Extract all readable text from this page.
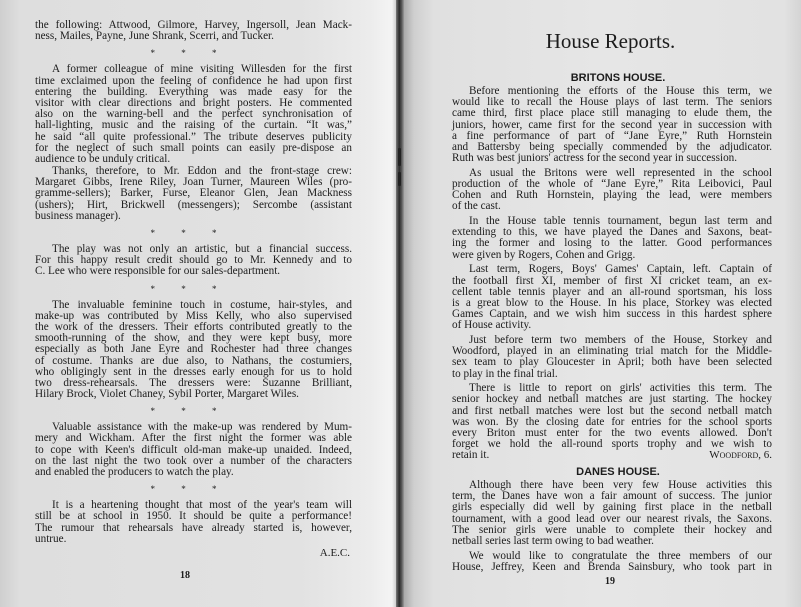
the following: Attwood, Gilmore, Harvey, Ingersoll, Jean Mack-
ness, Mailes, Payne, June Shrank, Scerri, and Tucker.
* * *
A former colleague of mine visiting Willesden for the first
time exclaimed upon the feeling of confidence he had upon first
entering the building. Everything was made easy for the
visitor with clear directions and bright posters. He commented
also on the warning-bell and the perfect synchronisation of
hall-lighting, music and the raising of the curtain. “It was,”
he said “all quite professional.” The tribute deserves publicity
for the neglect of such small points can easily pre-dispose an
audience to be unduly critical.
Thanks, therefore, to Mr. Eddon and the front-stage crew:
Margaret Gibbs, Irene Riley, Joan Turner, Maureen Wiles (pro-
gramme-sellers); Barker, Furse, Eleanor Glen, Jean Mackness
(ushers); Hirt, Brickwell (messengers); Sercombe (assistant
business manager).
* * *
The play was not only an artistic, but a financial success.
For this happy result credit should go to Mr. Kennedy and to
C. Lee who were responsible for our sales-department.
* * *
The invaluable feminine touch in costume, hair-styles, and
make-up was contributed by Miss Kelly, who also supervised
the work of the dressers. Their efforts contributed greatly to the
smooth-running of the show, and they were kept busy, more
especially as both Jane Eyre and Rochester had three changes
of costume. Thanks are due also, to Nathans, the costumiers,
who obligingly sent in the dresses early enough for us to hold
two dress-rehearsals. The dressers were: Suzanne Brilliant,
Hilary Brock, Violet Chaney, Sybil Porter, Margaret Wiles.
* * *
Valuable assistance with the make-up was rendered by Mum-
mery and Wickham. After the first night the former was able
to cope with Keen's difficult old-man make-up unaided. Indeed,
on the last night the two took over a number of the characters
and enabled the producers to watch the play.
* * *
It is a heartening thought that most of the year's team will
still be at school in 1950. It should be quite a performance!
The rumour that rehearsals have already started is, however,
untrue.
A.E.C.
18
House Reports.
BRITONS HOUSE.
Before mentioning the efforts of the House this term, we
would like to recall the House plays of last term. The seniors
came third, first place place still managing to elude them, the
juniors, hower, came first for the second year in succession with
a fine performance of part of “Jane Eyre,” Ruth Hornstein
and Battersby being specially commended by the adjudicator.
Ruth was best juniors' actress for the second year in succession.
As usual the Britons were well represented in the school
production of the whole of “Jane Eyre,” Rita Leibovici, Paul
Cohen and Ruth Hornstein, playing the lead, were members
of the cast.
In the House table tennis tournament, begun last term and
extending to this, we have played the Danes and Saxons, beat-
ing the former and losing to the latter. Good performances
were given by Rogers, Cohen and Grigg.
Last term, Rogers, Boys' Games' Captain, left. Captain of
the football first XI, member of first XI cricket team, an ex-
cellent table tennis player and an all-round sportsman, his loss
is a great blow to the House. In his place, Storkey was elected
Games Captain, and we wish him success in this hardest sphere
of House activity.
Just before term two members of the House, Storkey and
Woodford, played in an eliminating trial match for the Middle-
sex team to play Gloucester in April; both have been selected
to play in the final trial.
There is little to report on girls' activities this term. The
senior hockey and netball matches are just starting. The hockey
and first netball matches were lost but the second netball match
was won. By the closing date for entries for the school sports
every Briton must enter for the two events allowed. Don't
forget we hold the all-round sports trophy and we wish to
retain it.	Woodford, 6.
DANES HOUSE.
Although there have been very few House activities this
term, the Danes have won a fair amount of success. The junior
girls especially did well by gaining first place in the netball
tournament, with a good lead over our nearest rivals, the Saxons.
The senior girls were unable to complete their hockey and
netball series last term owing to bad weather.
We would like to congratulate the three members of our
House, Jeffrey, Keen and Brenda Sainsbury, who took part in
19
